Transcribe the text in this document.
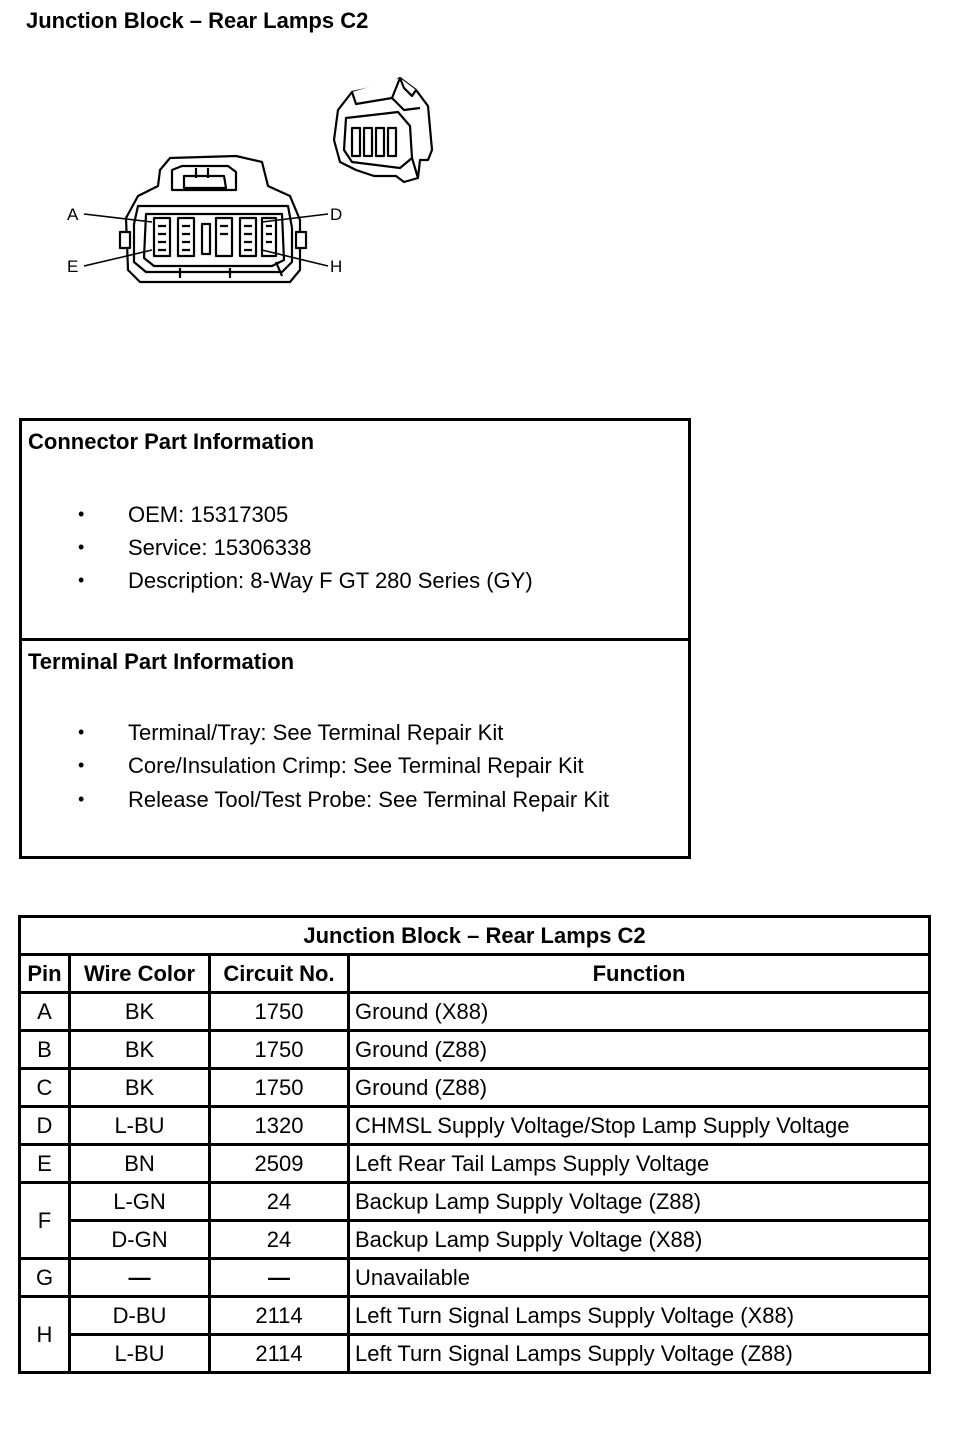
Junction Block – Rear Lamps C2
A	D
E	H
Connector Part Information
• OEM: 15317305
• Service: 15306338
• Description: 8-Way F GT 280 Series (GY)
Terminal Part Information
• Terminal/Tray: See Terminal Repair Kit
• Core/Insulation Crimp: See Terminal Repair Kit
• Release Tool/Test Probe: See Terminal Repair Kit
Junction Block – Rear Lamps C2			
Pin	Wire Color	Circuit No.	Function
A	BK	1750	Ground (X88)
B	BK	1750	Ground (Z88)
C	BK	1750	Ground (Z88)
D	L-BU	1320	CHMSL Supply Voltage/Stop Lamp Supply Voltage
E	BN	2509	Left Rear Tail Lamps Supply Voltage
F	L-GN	24	Backup Lamp Supply Voltage (Z88)
	D-GN	24	Backup Lamp Supply Voltage (X88)
G	—	—	Unavailable
H	D-BU	2114	Left Turn Signal Lamps Supply Voltage (X88)
	L-BU	2114	Left Turn Signal Lamps Supply Voltage (Z88)
